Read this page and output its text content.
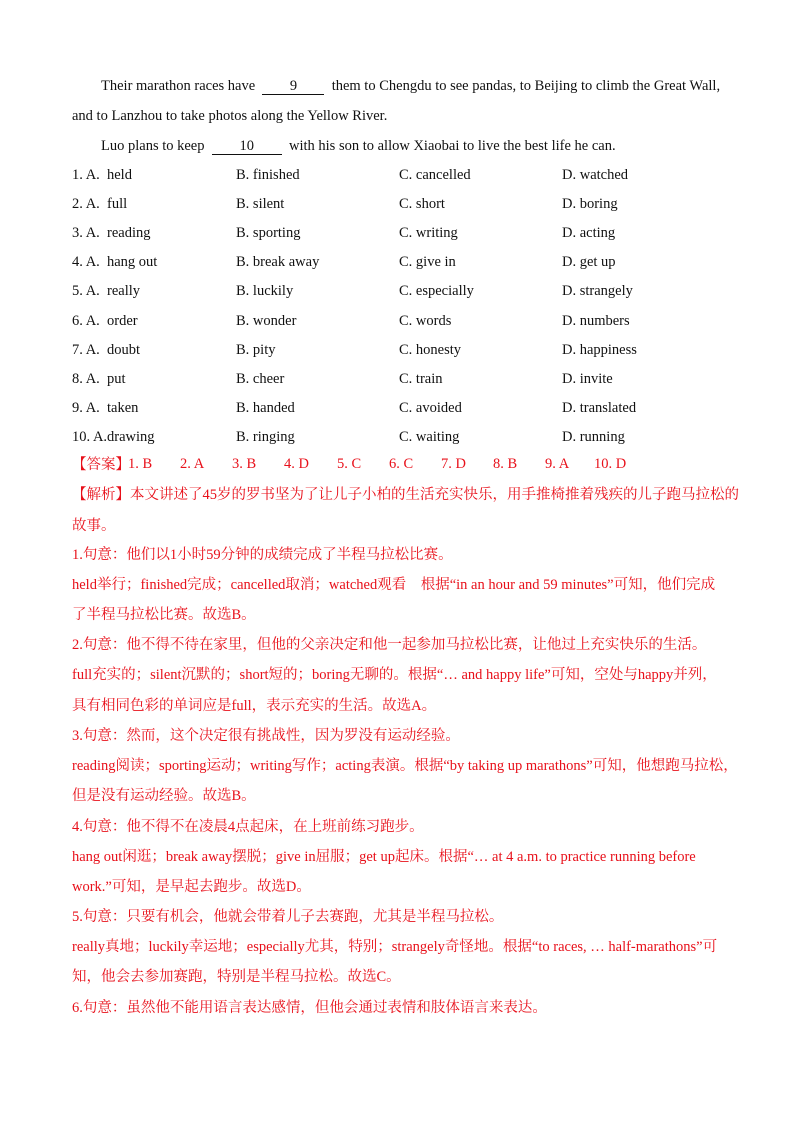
Their marathon races have 9 them to Chengdu to see pandas, to Beijing to climb the Great Wall,
and to Lanzhou to take photos along the Yellow River.
Luo plans to keep 10 with his son to allow Xiaobai to live the best life he can.
1. A. held	B. finished	C. cancelled	D. watched
2. A. full	B. silent	C. short	D. boring
3. A. reading	B. sporting	C. writing	D. acting
4. A. hang out	B. break away	C. give in	D. get up
5. A. really	B. luckily	C. especially	D. strangely
6. A. order	B. wonder	C. words	D. numbers
7. A. doubt	B. pity	C. honesty	D. happiness
8. A. put	B. cheer	C. train	D. invite
9. A. taken	B. handed	C. avoided	D. translated
10. A. drawing	B. ringing	C. waiting	D. running
【答案】
1. B 2. A 3. B 4. D 5. C 6. C 7. D 8. B 9. A 10. D
【解析】本文讲述了45岁的罗书坚为了让儿子小柏的生活充实快乐，用手推椅推着残疾的儿子跑马拉松的
故事。
1.句意：他们以1小时59分钟的成绩完成了半程马拉松比赛。
held举行；finished完成；cancelled取消；watched观看　根据“in an hour and 59 minutes”可知，他们完成
了半程马拉松比赛。故选B。
2.句意：他不得不待在家里，但他的父亲决定和他一起参加马拉松比赛，让他过上充实快乐的生活。
full充实的；silent沉默的；short短的；boring无聊的。根据“… and happy life”可知，空处与happy并列，
具有相同色彩的单词应是full，表示充实的生活。故选A。
3.句意：然而，这个决定很有挑战性，因为罗没有运动经验。
reading阅读；sporting运动；writing写作；acting表演。根据“by taking up marathons”可知，他想跑马拉松，
但是没有运动经验。故选B。
4.句意：他不得不在凌晨4点起床，在上班前练习跑步。
hang out闲逛；break away摆脱；give in屈服；get up起床。根据“… at 4 a.m. to practice running before
work.”可知，是早起去跑步。故选D。
5.句意：只要有机会，他就会带着儿子去赛跑，尤其是半程马拉松。
really真地；luckily幸运地；especially尤其，特别；strangely奇怪地。根据“to races, … half-marathons”可
知，他会去参加赛跑，特别是半程马拉松。故选C。
6.句意：虽然他不能用语言表达感情，但他会通过表情和肢体语言来表达。
